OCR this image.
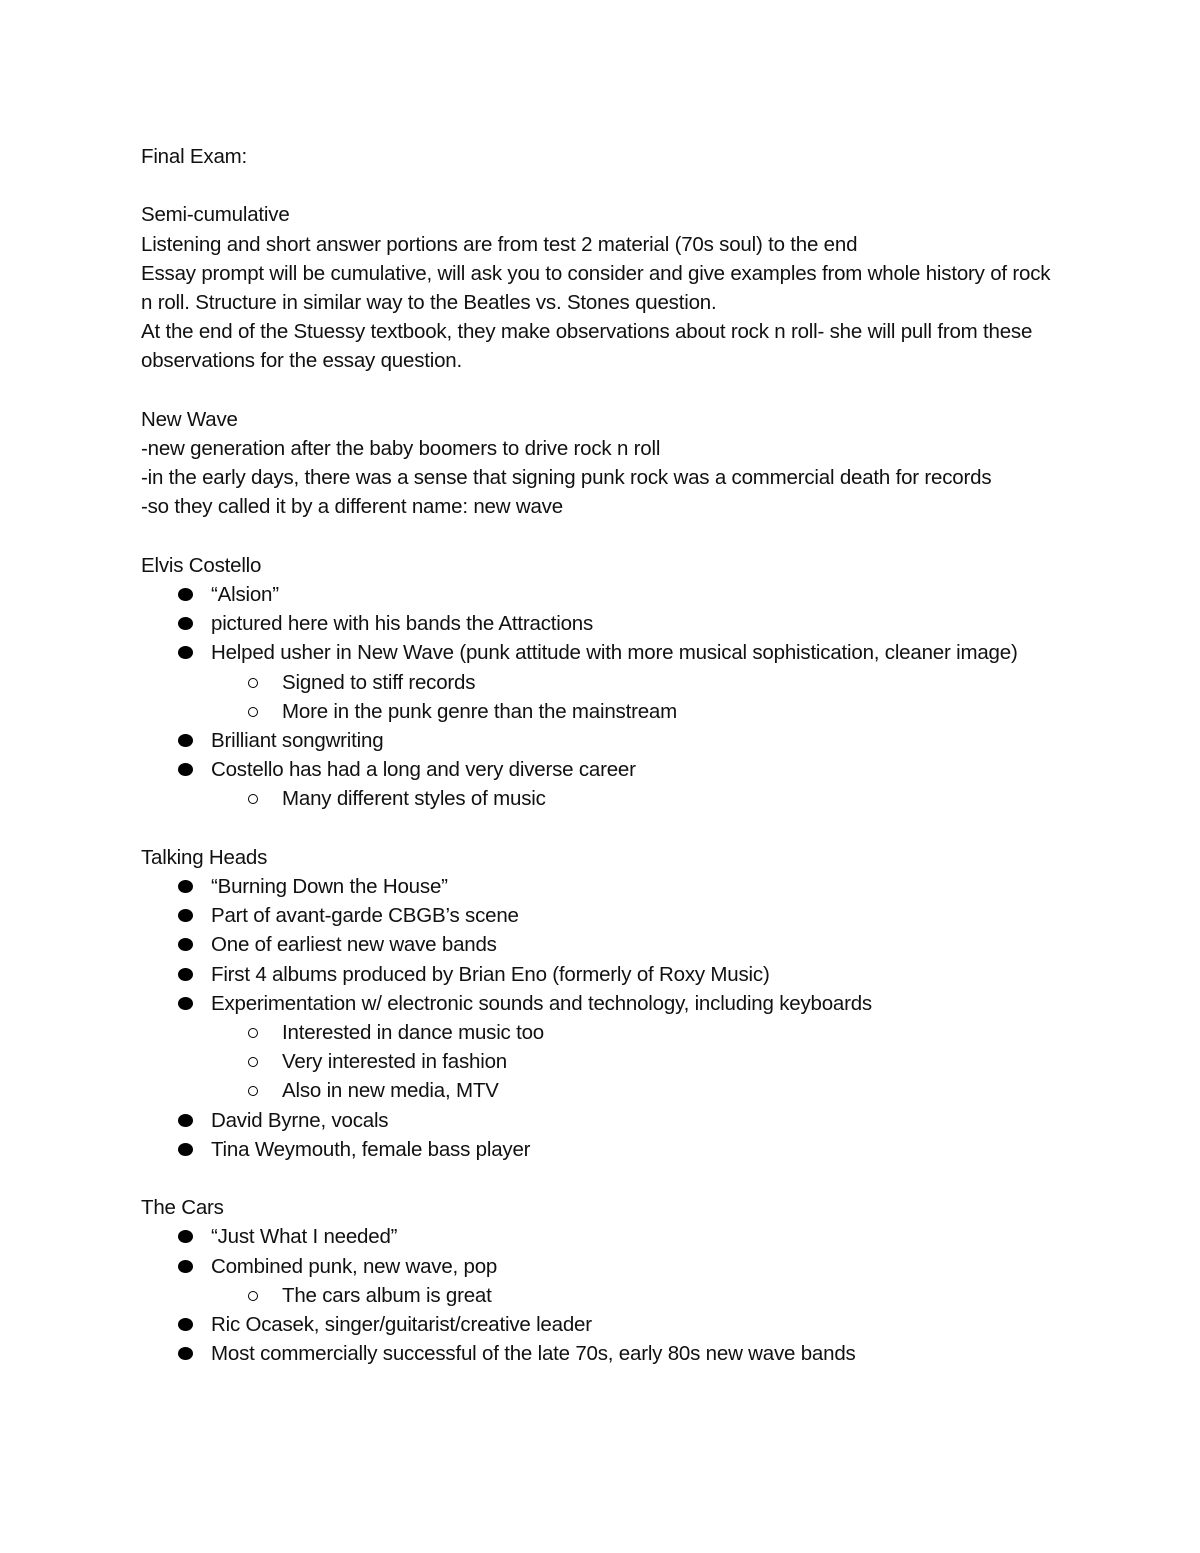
Final Exam:

Semi-cumulative

Listening and short answer portions are from test 2 material (70s soul) to the end

Essay prompt will be cumulative, will ask you to consider and give examples from whole history of rock n roll. Structure in similar way to the Beatles vs. Stones question.

At the end of the Stuessy textbook, they make observations about rock n roll- she will pull from these observations for the essay question.

New Wave

-new generation after the baby boomers to drive rock n roll

-in the early days, there was a sense that signing punk rock was a commercial death for records

-so they called it by a different name: new wave

Elvis Costello

“Alsion”
pictured here with his bands the Attractions
Helped usher in New Wave (punk attitude with more musical sophistication, cleaner image)
Signed to stiff records
More in the punk genre than the mainstream
Brilliant songwriting
Costello has had a long and very diverse career
Many different styles of music

Talking Heads

“Burning Down the House”
Part of avant-garde CBGB’s scene
One of earliest new wave bands
First 4 albums produced by Brian Eno (formerly of Roxy Music)
Experimentation w/ electronic sounds and technology, including keyboards
Interested in dance music too
Very interested in fashion
Also in new media, MTV
David Byrne, vocals
Tina Weymouth, female bass player

The Cars

“Just What I needed”
Combined punk, new wave, pop
The cars album is great
Ric Ocasek, singer/guitarist/creative leader
Most commercially successful of the late 70s, early 80s new wave bands
